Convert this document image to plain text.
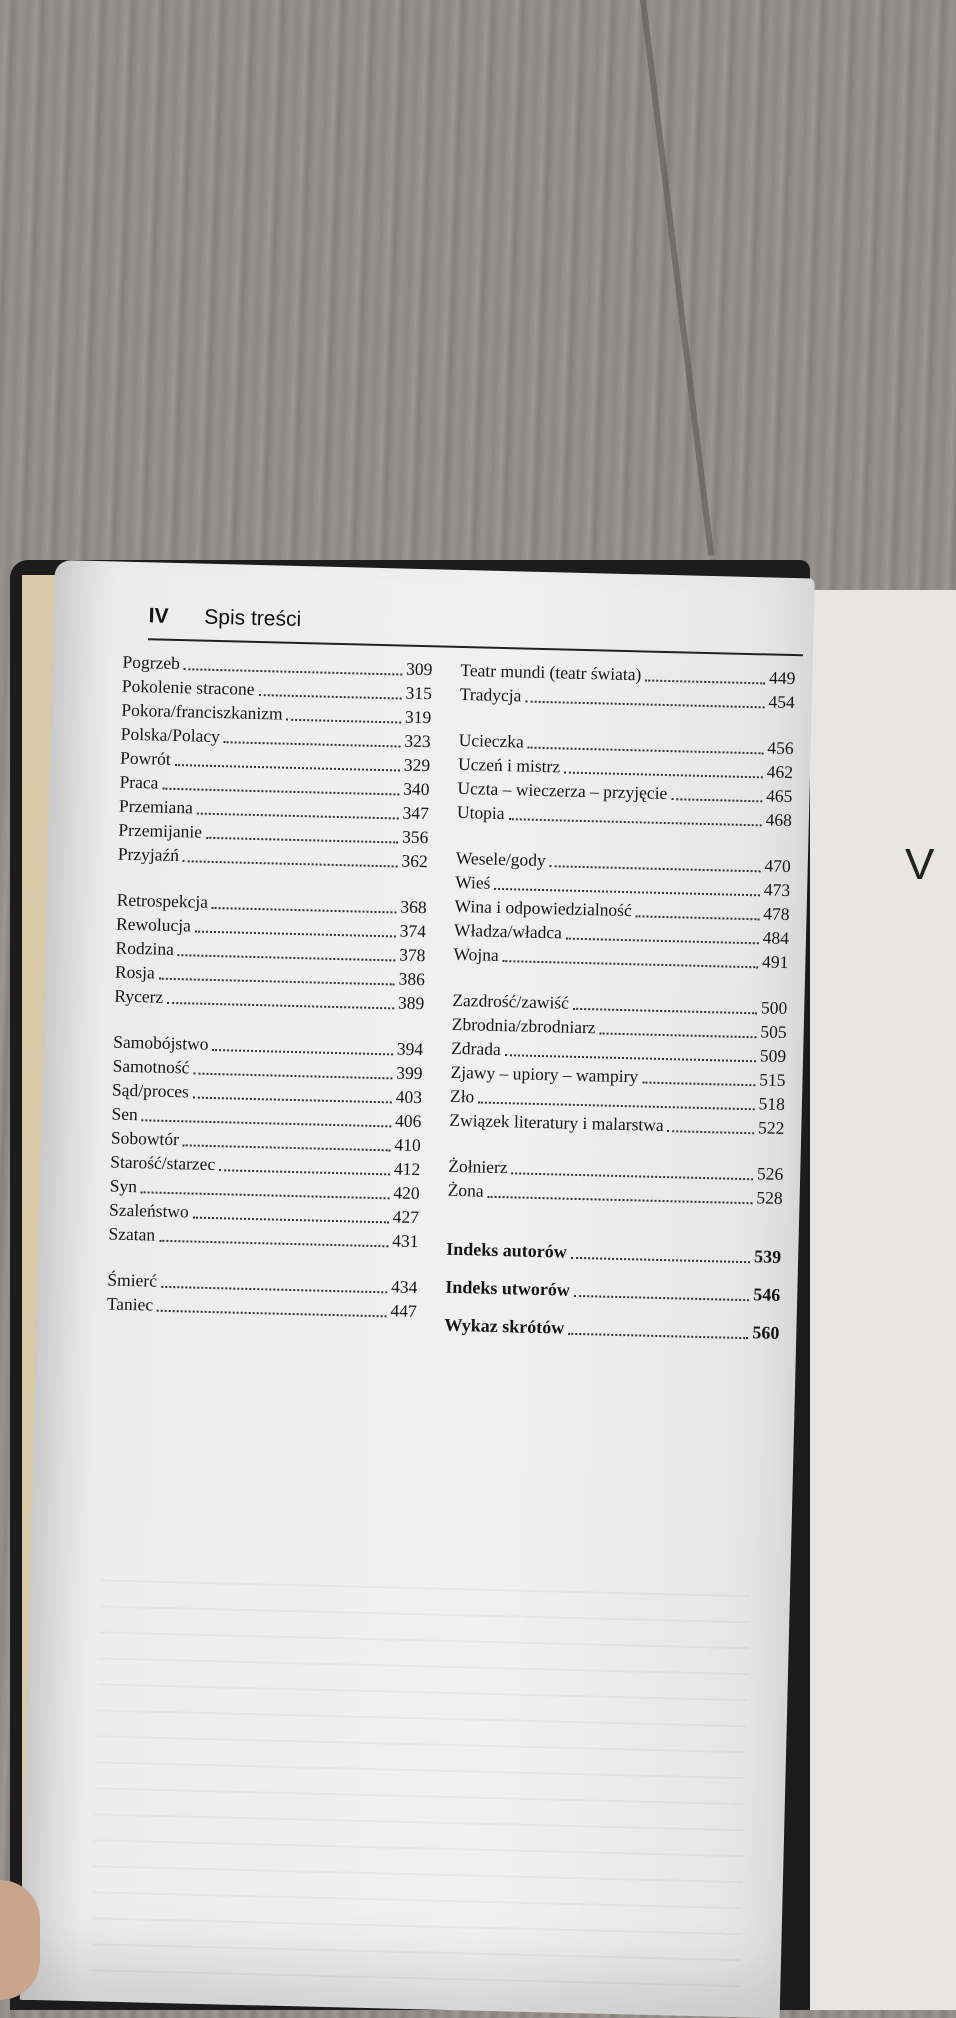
V
IV Spis treści
Pogrzeb	309
Pokolenie stracone	315
Pokora/franciszkanizm	319
Polska/Polacy	323
Powrót	329
Praca	340
Przemiana	347
Przemijanie	356
Przyjaźń	362
Retrospekcja	368
Rewolucja	374
Rodzina	378
Rosja	386
Rycerz	389
Samobójstwo	394
Samotność	399
Sąd/proces	403
Sen	406
Sobowtór	410
Starość/starzec	412
Syn	420
Szaleństwo	427
Szatan	431
Śmierć	434
Taniec	447
Teatr mundi (teatr świata)	449
Tradycja	454
Ucieczka	456
Uczeń i mistrz	462
Uczta – wieczerza – przyjęcie	465
Utopia	468
Wesele/gody	470
Wieś	473
Wina i odpowiedzialność	478
Władza/władca	484
Wojna	491
Zazdrość/zawiść	500
Zbrodnia/zbrodniarz	505
Zdrada	509
Zjawy – upiory – wampiry	515
Zło	518
Związek literatury i malarstwa	522
Żołnierz	526
Żona	528
Indeks autorów	539
Indeks utworów	546
Wykaz skrótów	560
